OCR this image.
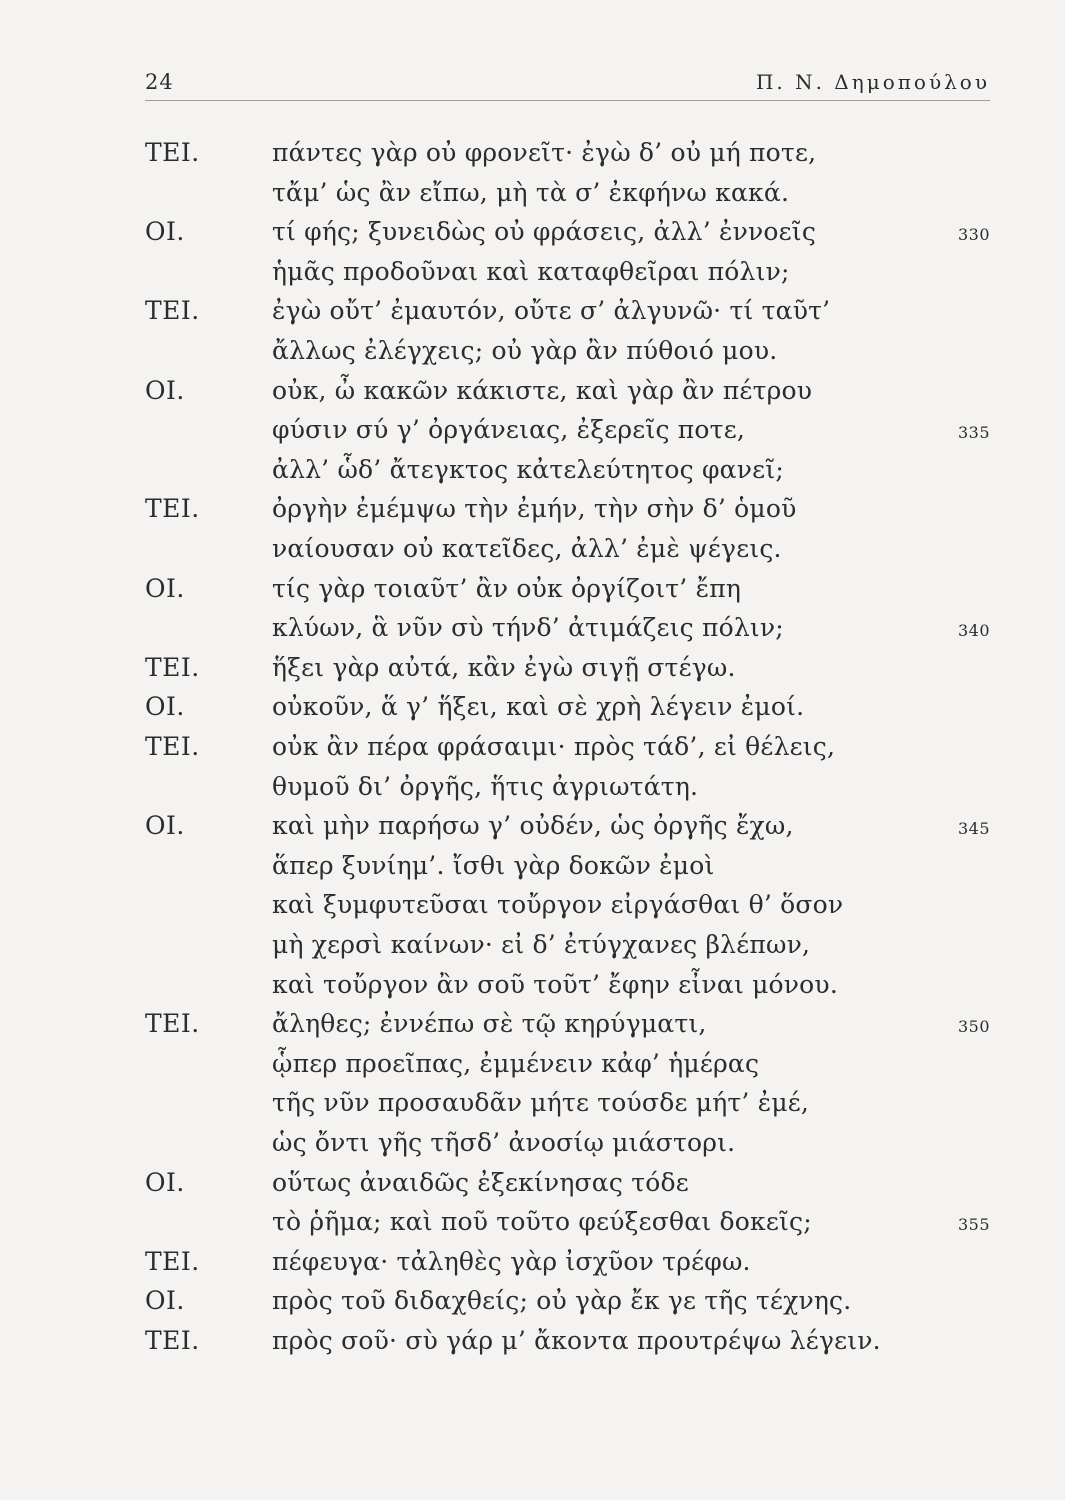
24	Π. Ν. Δημοπούλου
ΤΕΙ.	πάντες γὰρ οὐ φρονεῖτ· ἐγὼ δ’ οὐ μή ποτε,
τἄμ’ ὡς ἂν εἴπω, μὴ τὰ σ’ ἐκφήνω κακά.
ΟΙ.	τί φής; ξυνειδὼς οὐ φράσεις, ἀλλ’ ἐννοεῖς	330
ἡμᾶς προδοῦναι καὶ καταφθεῖραι πόλιν;
ΤΕΙ.	ἐγὼ οὔτ’ ἐμαυτόν, οὔτε σ’ ἀλγυνῶ· τί ταῦτ’
ἄλλως ἐλέγχεις; οὐ γὰρ ἂν πύθοιό μου.
ΟΙ.	οὐκ, ὦ κακῶν κάκιστε, καὶ γὰρ ἂν πέτρου
φύσιν σύ γ’ ὀργάνειας, ἐξερεῖς ποτε,	335
ἀλλ’ ὧδ’ ἄτεγκτος κἀτελεύτητος φανεῖ;
ΤΕΙ.	ὀργὴν ἐμέμψω τὴν ἐμήν, τὴν σὴν δ’ ὁμοῦ
ναίουσαν οὐ κατεῖδες, ἀλλ’ ἐμὲ ψέγεις.
ΟΙ.	τίς γὰρ τοιαῦτ’ ἂν οὐκ ὀργίζοιτ’ ἔπη
κλύων, ἃ νῦν σὺ τήνδ’ ἀτιμάζεις πόλιν;	340
ΤΕΙ.	ἥξει γὰρ αὐτά, κἂν ἐγὼ σιγῇ στέγω.
ΟΙ.	οὐκοῦν, ἅ γ’ ἥξει, καὶ σὲ χρὴ λέγειν ἐμοί.
ΤΕΙ.	οὐκ ἂν πέρα φράσαιμι· πρὸς τάδ’, εἰ θέλεις,
θυμοῦ δι’ ὀργῆς, ἥτις ἀγριωτάτη.
ΟΙ.	καὶ μὴν παρήσω γ’ οὐδέν, ὡς ὀργῆς ἔχω,	345
ἅπερ ξυνίημ’. ἴσθι γὰρ δοκῶν ἐμοὶ
καὶ ξυμφυτεῦσαι τοὔργον εἰργάσθαι θ’ ὅσον
μὴ χερσὶ καίνων· εἰ δ’ ἐτύγχανες βλέπων,
καὶ τοὔργον ἂν σοῦ τοῦτ’ ἔφην εἶναι μόνου.
ΤΕΙ.	ἄληθες; ἐννέπω σὲ τῷ κηρύγματι,	350
ᾧπερ προεῖπας, ἐμμένειν κἀφ’ ἡμέρας
τῆς νῦν προσαυδᾶν μήτε τούσδε μήτ’ ἐμέ,
ὡς ὄντι γῆς τῆσδ’ ἀνοσίῳ μιάστορι.
ΟΙ.	οὕτως ἀναιδῶς ἐξεκίνησας τόδε
τὸ ῥῆμα; καὶ ποῦ τοῦτο φεύξεσθαι δοκεῖς;	355
ΤΕΙ.	πέφευγα· τἀληθὲς γὰρ ἰσχῦον τρέφω.
ΟΙ.	πρὸς τοῦ διδαχθείς; οὐ γὰρ ἔκ γε τῆς τέχνης.
ΤΕΙ.	πρὸς σοῦ· σὺ γάρ μ’ ἄκοντα προυτρέψω λέγειν.
